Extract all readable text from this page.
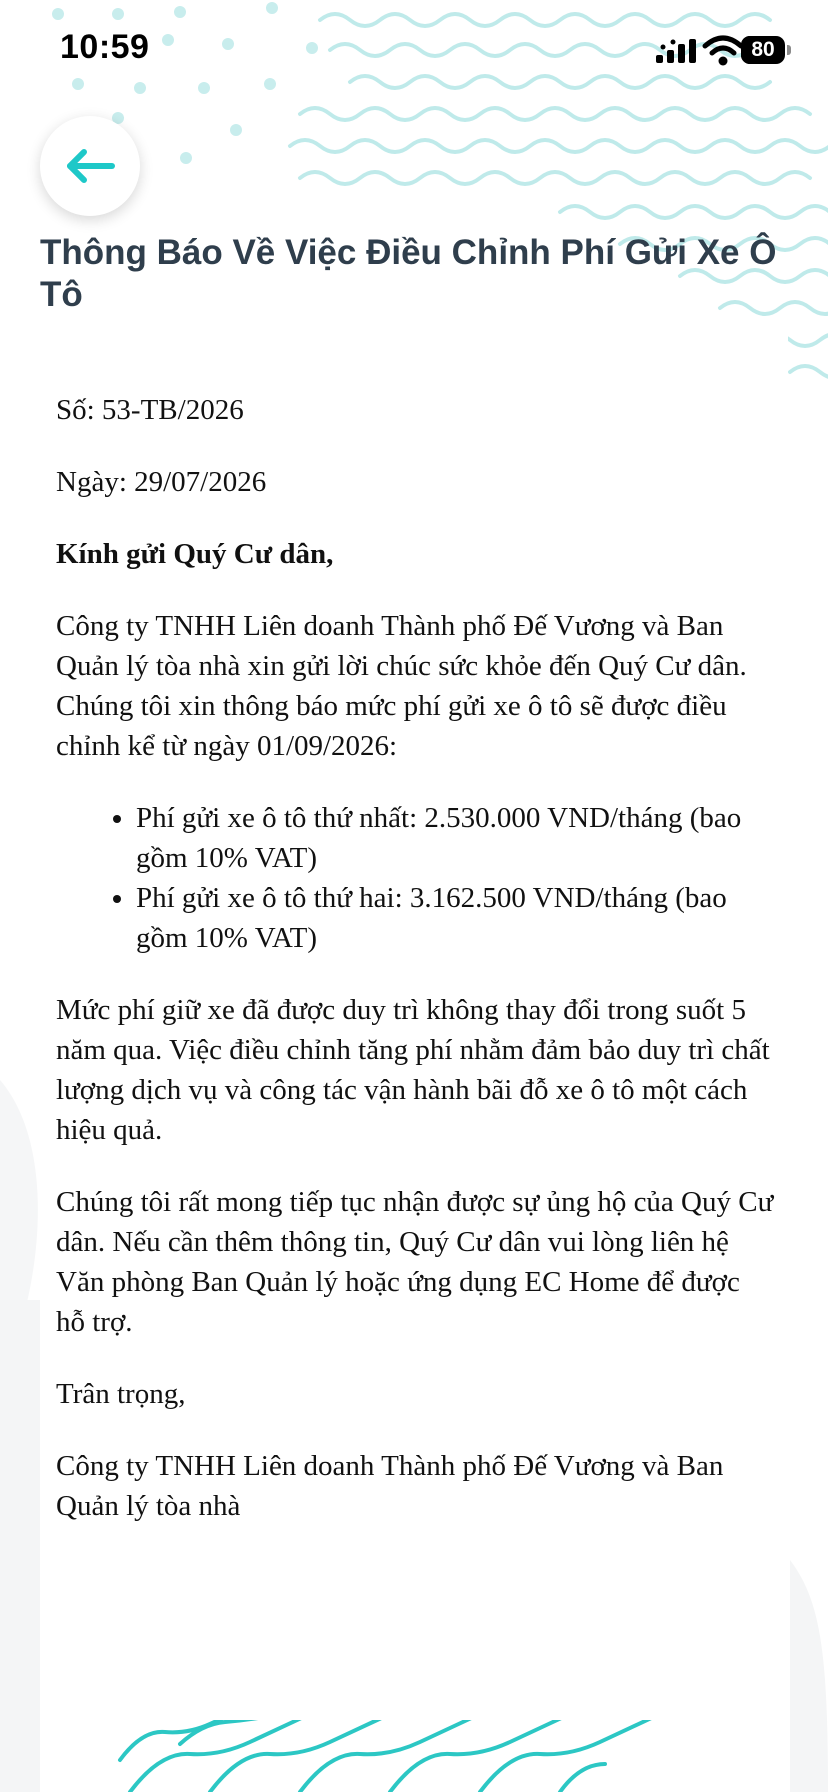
10:59	80
Thông Báo Về Việc Điều Chỉnh Phí Gửi Xe Ô Tô

Số: 53-TB/2026

Ngày: 29/07/2026

Kính gửi Quý Cư dân,

Công ty TNHH Liên doanh Thành phố Đế Vương và Ban Quản lý tòa nhà xin gửi lời chúc sức khỏe đến Quý Cư dân. Chúng tôi xin thông báo mức phí gửi xe ô tô sẽ được điều chỉnh kể từ ngày 01/09/2026:

• Phí gửi xe ô tô thứ nhất: 2.530.000 VND/tháng (bao gồm 10% VAT)
• Phí gửi xe ô tô thứ hai: 3.162.500 VND/tháng (bao gồm 10% VAT)

Mức phí giữ xe đã được duy trì không thay đổi trong suốt 5 năm qua. Việc điều chỉnh tăng phí nhằm đảm bảo duy trì chất lượng dịch vụ và công tác vận hành bãi đỗ xe ô tô một cách hiệu quả.

Chúng tôi rất mong tiếp tục nhận được sự ủng hộ của Quý Cư dân. Nếu cần thêm thông tin, Quý Cư dân vui lòng liên hệ Văn phòng Ban Quản lý hoặc ứng dụng EC Home để được hỗ trợ.

Trân trọng,

Công ty TNHH Liên doanh Thành phố Đế Vương và Ban Quản lý tòa nhà
